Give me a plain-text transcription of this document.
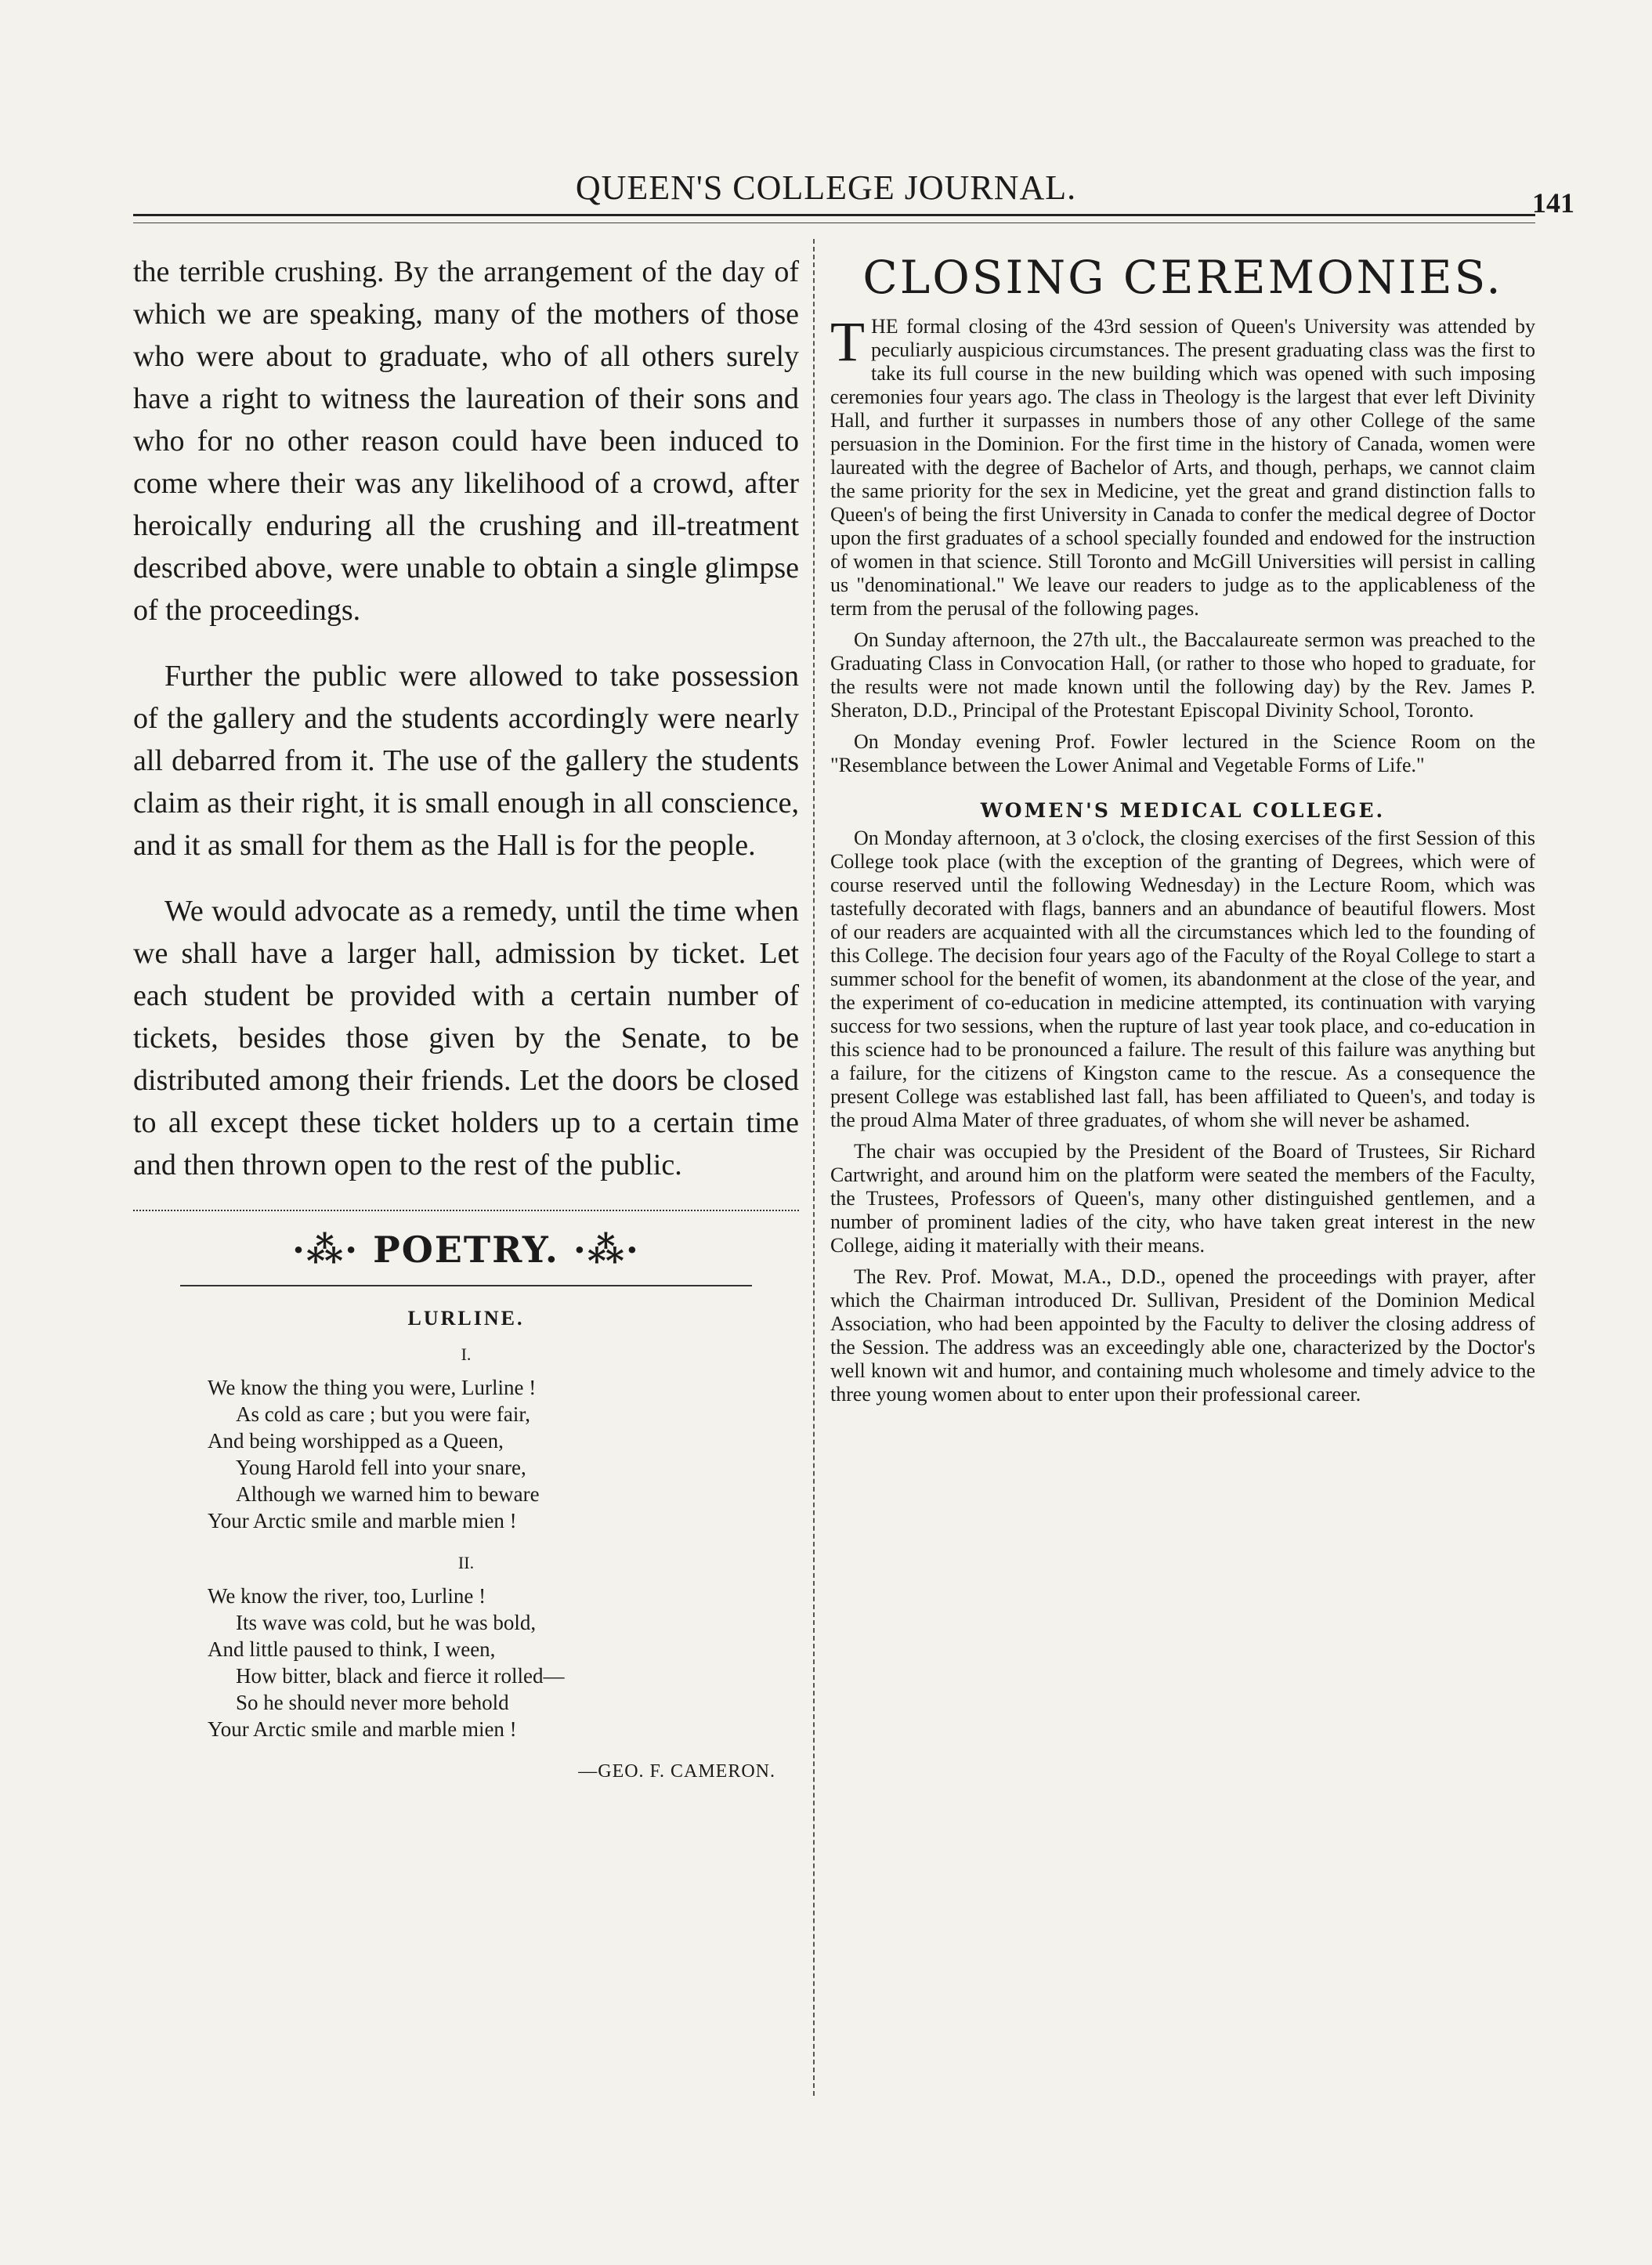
QUEEN'S COLLEGE JOURNAL.	141

the terrible crushing. By the arrangement of the day of which we are speaking, many of the mothers of those who were about to graduate, who of all others surely have a right to witness the laureation of their sons and who for no other reason could have been induced to come where their was any likelihood of a crowd, after heroically enduring all the crushing and ill-treatment described above, were unable to obtain a single glimpse of the proceedings.

Further the public were allowed to take possession of the gallery and the students accordingly were nearly all debarred from it. The use of the gallery the students claim as their right, it is small enough in all conscience, and it as small for them as the Hall is for the people.

We would advocate as a remedy, until the time when we shall have a larger hall, admission by ticket. Let each student be provided with a certain number of tickets, besides those given by the Senate, to be distributed among their friends. Let the doors be closed to all except these ticket holders up to a certain time and then thrown open to the rest of the public.

·⁂· POETRY. ·⁂·
LURLINE.
I.
We know the thing you were, Lurline !
As cold as care ; but you were fair,
And being worshipped as a Queen,
Young Harold fell into your snare,
Although we warned him to beware
Your Arctic smile and marble mien !
II.
We know the river, too, Lurline !
Its wave was cold, but he was bold,
And little paused to think, I ween,
How bitter, black and fierce it rolled—
So he should never more behold
Your Arctic smile and marble mien !
—GEO. F. CAMERON.
CLOSING CEREMONIES.

T HE formal closing of the 43rd session of Queen's University was attended by peculiarly auspicious circumstances. The present graduating class was the first to take its full course in the new building which was opened with such imposing ceremonies four years ago. The class in Theology is the largest that ever left Divinity Hall, and further it surpasses in numbers those of any other College of the same persuasion in the Dominion. For the first time in the history of Canada, women were laureated with the degree of Bachelor of Arts, and though, perhaps, we cannot claim the same priority for the sex in Medicine, yet the great and grand distinction falls to Queen's of being the first University in Canada to confer the medical degree of Doctor upon the first graduates of a school specially founded and endowed for the instruction of women in that science. Still Toronto and McGill Universities will persist in calling us "denominational." We leave our readers to judge as to the applicableness of the term from the perusal of the following pages.

On Sunday afternoon, the 27th ult., the Baccalaureate sermon was preached to the Graduating Class in Convocation Hall, (or rather to those who hoped to graduate, for the results were not made known until the following day) by the Rev. James P. Sheraton, D.D., Principal of the Protestant Episcopal Divinity School, Toronto.

On Monday evening Prof. Fowler lectured in the Science Room on the "Resemblance between the Lower Animal and Vegetable Forms of Life."

WOMEN'S MEDICAL COLLEGE.

On Monday afternoon, at 3 o'clock, the closing exercises of the first Session of this College took place (with the exception of the granting of Degrees, which were of course reserved until the following Wednesday) in the Lecture Room, which was tastefully decorated with flags, banners and an abundance of beautiful flowers. Most of our readers are acquainted with all the circumstances which led to the founding of this College. The decision four years ago of the Faculty of the Royal College to start a summer school for the benefit of women, its abandonment at the close of the year, and the experiment of co-education in medicine attempted, its continuation with varying success for two sessions, when the rupture of last year took place, and co-education in this science had to be pronounced a failure. The result of this failure was anything but a failure, for the citizens of Kingston came to the rescue. As a consequence the present College was established last fall, has been affiliated to Queen's, and today is the proud Alma Mater of three graduates, of whom she will never be ashamed.

The chair was occupied by the President of the Board of Trustees, Sir Richard Cartwright, and around him on the platform were seated the members of the Faculty, the Trustees, Professors of Queen's, many other distinguished gentlemen, and a number of prominent ladies of the city, who have taken great interest in the new College, aiding it materially with their means.

The Rev. Prof. Mowat, M.A., D.D., opened the proceedings with prayer, after which the Chairman introduced Dr. Sullivan, President of the Dominion Medical Association, who had been appointed by the Faculty to deliver the closing address of the Session. The address was an exceedingly able one, characterized by the Doctor's well known wit and humor, and containing much wholesome and timely advice to the three young women about to enter upon their professional career.
